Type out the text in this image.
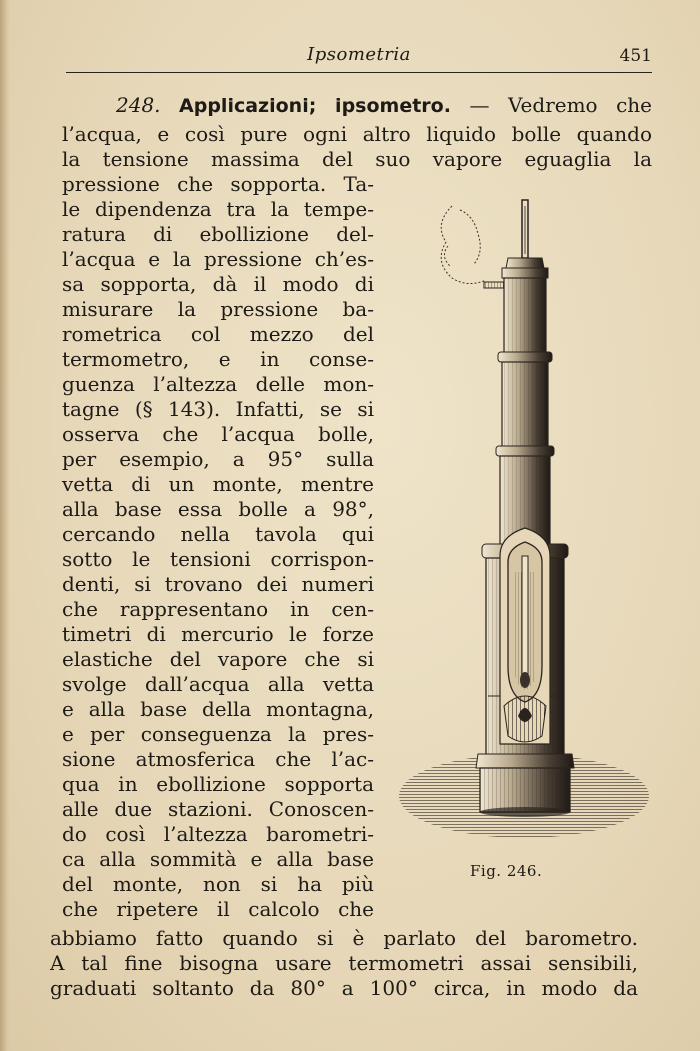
Ipsometria	451
248. Applicazioni; ipsometro. — Vedremo che
l’acqua, e così pure ogni altro liquido bolle quando
la tensione massima del suo vapore eguaglia la
pressione che sopporta. Ta-
le dipendenza tra la tempe-
ratura di ebollizione del-
l’acqua e la pressione ch’es-
sa sopporta, dà il modo di
misurare la pressione ba-
rometrica col mezzo del
termometro, e in conse-
guenza l’altezza delle mon-
tagne (§ 143). Infatti, se si
osserva che l’acqua bolle,
per esempio, a 95° sulla
vetta di un monte, mentre
alla base essa bolle a 98°,
cercando nella tavola qui
sotto le tensioni corrispon-
denti, si trovano dei numeri
che rappresentano in cen-
timetri di mercurio le forze
elastiche del vapore che si
svolge dall’acqua alla vetta
e alla base della montagna,
e per conseguenza la pres-
sione atmosferica che l’ac-
qua in ebollizione sopporta
alle due stazioni. Conoscen-
do così l’altezza barometri-
ca alla sommità e alla base
del monte, non si ha più
che ripetere il calcolo che
abbiamo fatto quando si è parlato del barometro.
A tal fine bisogna usare termometri assai sensibili,
graduati soltanto da 80° a 100° circa, in modo da
Fig. 246.
